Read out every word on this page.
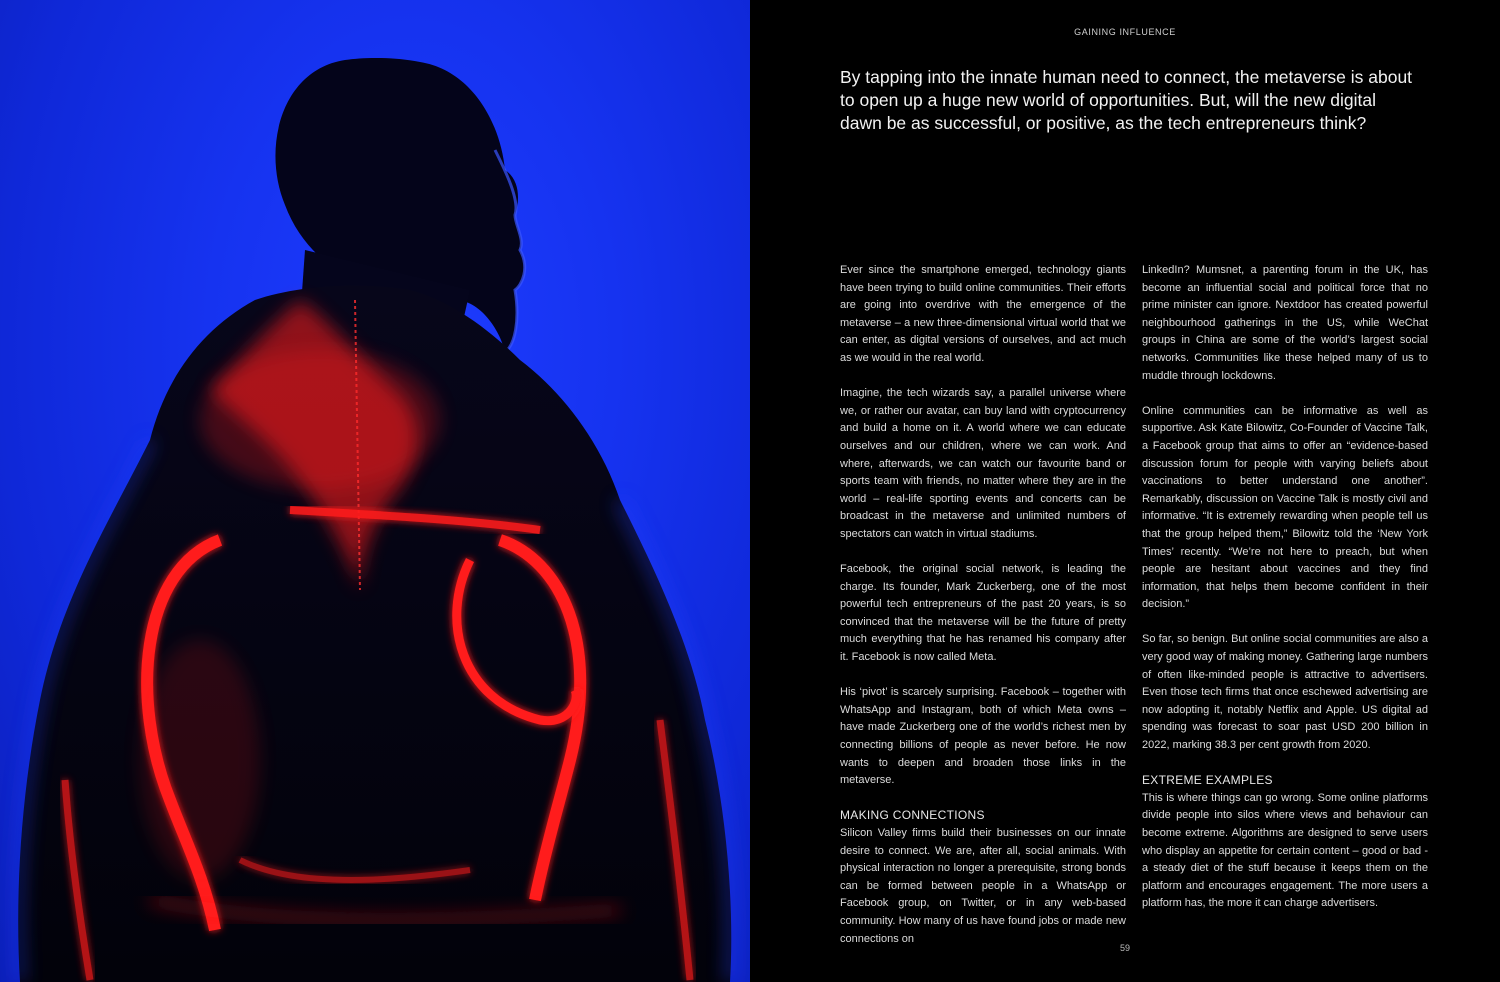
GAINING INFLUENCE
By tapping into the innate human need to connect, the metaverse is about to open up a huge new world of opportunities. But, will the new digital dawn be as successful, or positive, as the tech entrepreneurs think?

Ever since the smartphone emerged, technology giants have been trying to build online communities. Their efforts are going into overdrive with the emergence of the metaverse – a new three-dimensional virtual world that we can enter, as digital versions of ourselves, and act much as we would in the real world.

Imagine, the tech wizards say, a parallel universe where we, or rather our avatar, can buy land with cryptocurrency and build a home on it. A world where we can educate ourselves and our children, where we can work. And where, afterwards, we can watch our favourite band or sports team with friends, no matter where they are in the world – real-life sporting events and concerts can be broadcast in the metaverse and unlimited numbers of spectators can watch in virtual stadiums.

Facebook, the original social network, is leading the charge. Its founder, Mark Zuckerberg, one of the most powerful tech entrepreneurs of the past 20 years, is so convinced that the metaverse will be the future of pretty much everything that he has renamed his company after it. Facebook is now called Meta.

His ‘pivot’ is scarcely surprising. Facebook – together with WhatsApp and Instagram, both of which Meta owns – have made Zuckerberg one of the world’s richest men by connecting billions of people as never before. He now wants to deepen and broaden those links in the metaverse.

MAKING CONNECTIONS

Silicon Valley firms build their businesses on our innate desire to connect. We are, after all, social animals. With physical interaction no longer a prerequisite, strong bonds can be formed between people in a WhatsApp or Facebook group, on Twitter, or in any web-based community. How many of us have found jobs or made new connections on

LinkedIn? Mumsnet, a parenting forum in the UK, has become an influential social and political force that no prime minister can ignore. Nextdoor has created powerful neighbourhood gatherings in the US, while WeChat groups in China are some of the world’s largest social networks. Communities like these helped many of us to muddle through lockdowns.

Online communities can be informative as well as supportive. Ask Kate Bilowitz, Co-Founder of Vaccine Talk, a Facebook group that aims to offer an “evidence-based discussion forum for people with varying beliefs about vaccinations to better understand one another”. Remarkably, discussion on Vaccine Talk is mostly civil and informative. “It is extremely rewarding when people tell us that the group helped them,” Bilowitz told the ‘New York Times’ recently. “We’re not here to preach, but when people are hesitant about vaccines and they find information, that helps them become confident in their decision.”

So far, so benign. But online social communities are also a very good way of making money. Gathering large numbers of often like-minded people is attractive to advertisers. Even those tech firms that once eschewed advertising are now adopting it, notably Netflix and Apple. US digital ad spending was forecast to soar past USD 200 billion in 2022, marking 38.3 per cent growth from 2020.

EXTREME EXAMPLES

This is where things can go wrong. Some online platforms divide people into silos where views and behaviour can become extreme. Algorithms are designed to serve users who display an appetite for certain content – good or bad - a steady diet of the stuff because it keeps them on the platform and encourages engagement. The more users a platform has, the more it can charge advertisers.

59
